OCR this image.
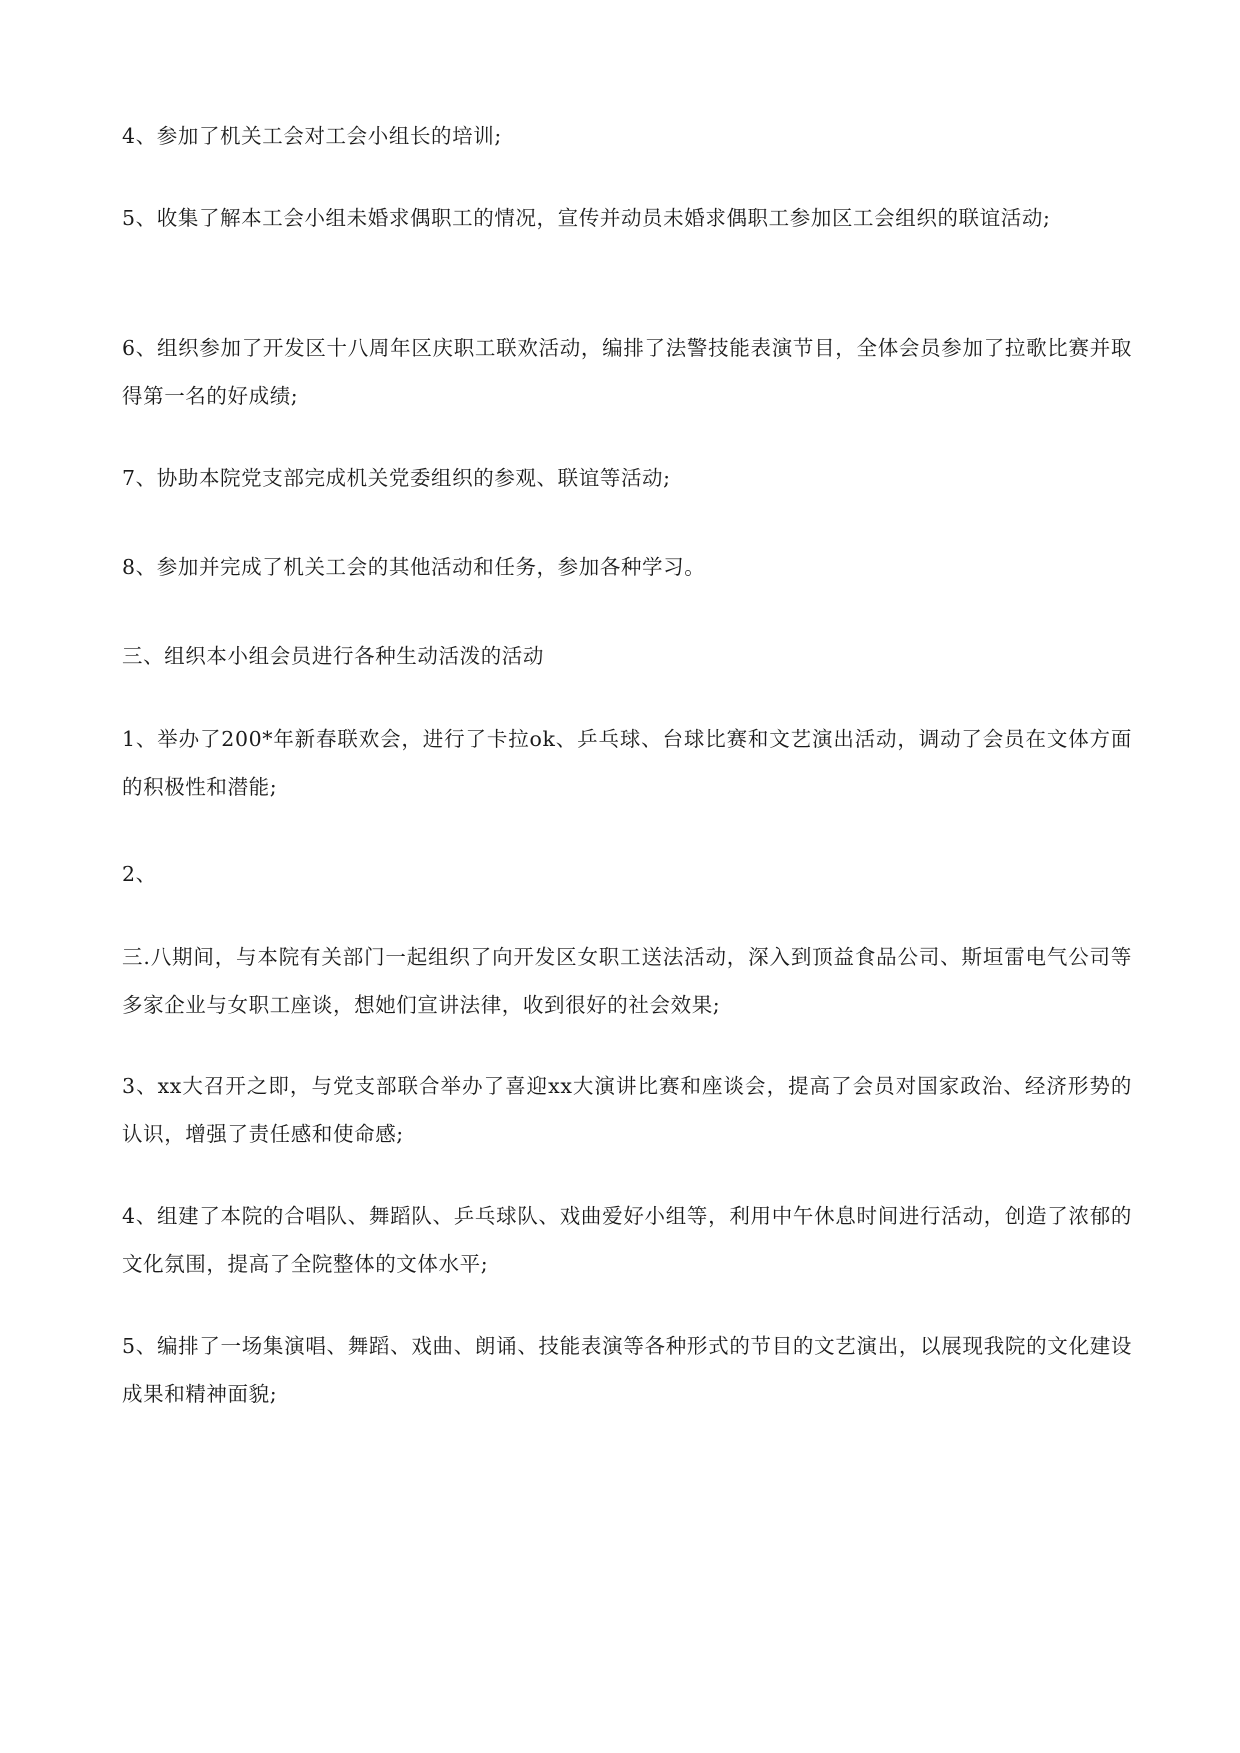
4、参加了机关工会对工会小组长的培训;

5、收集了解本工会小组未婚求偶职工的情况，宣传并动员未婚求偶职工参加区工会组织的联谊活动;

6、组织参加了开发区十八周年区庆职工联欢活动，编排了法警技能表演节目，全体会员参加了拉歌比赛并取得第一名的好成绩;

7、协助本院党支部完成机关党委组织的参观、联谊等活动;

8、参加并完成了机关工会的其他活动和任务，参加各种学习。

三、组织本小组会员进行各种生动活泼的活动

1、举办了200*年新春联欢会，进行了卡拉ok、乒乓球、台球比赛和文艺演出活动，调动了会员在文体方面的积极性和潜能;

2、

三.八期间，与本院有关部门一起组织了向开发区女职工送法活动，深入到顶益食品公司、斯垣雷电气公司等多家企业与女职工座谈，想她们宣讲法律，收到很好的社会效果;

3、xx大召开之即，与党支部联合举办了喜迎xx大演讲比赛和座谈会，提高了会员对国家政治、经济形势的认识，增强了责任感和使命感;

4、组建了本院的合唱队、舞蹈队、乒乓球队、戏曲爱好小组等，利用中午休息时间进行活动，创造了浓郁的文化氛围，提高了全院整体的文体水平;

5、编排了一场集演唱、舞蹈、戏曲、朗诵、技能表演等各种形式的节目的文艺演出，以展现我院的文化建设成果和精神面貌;
